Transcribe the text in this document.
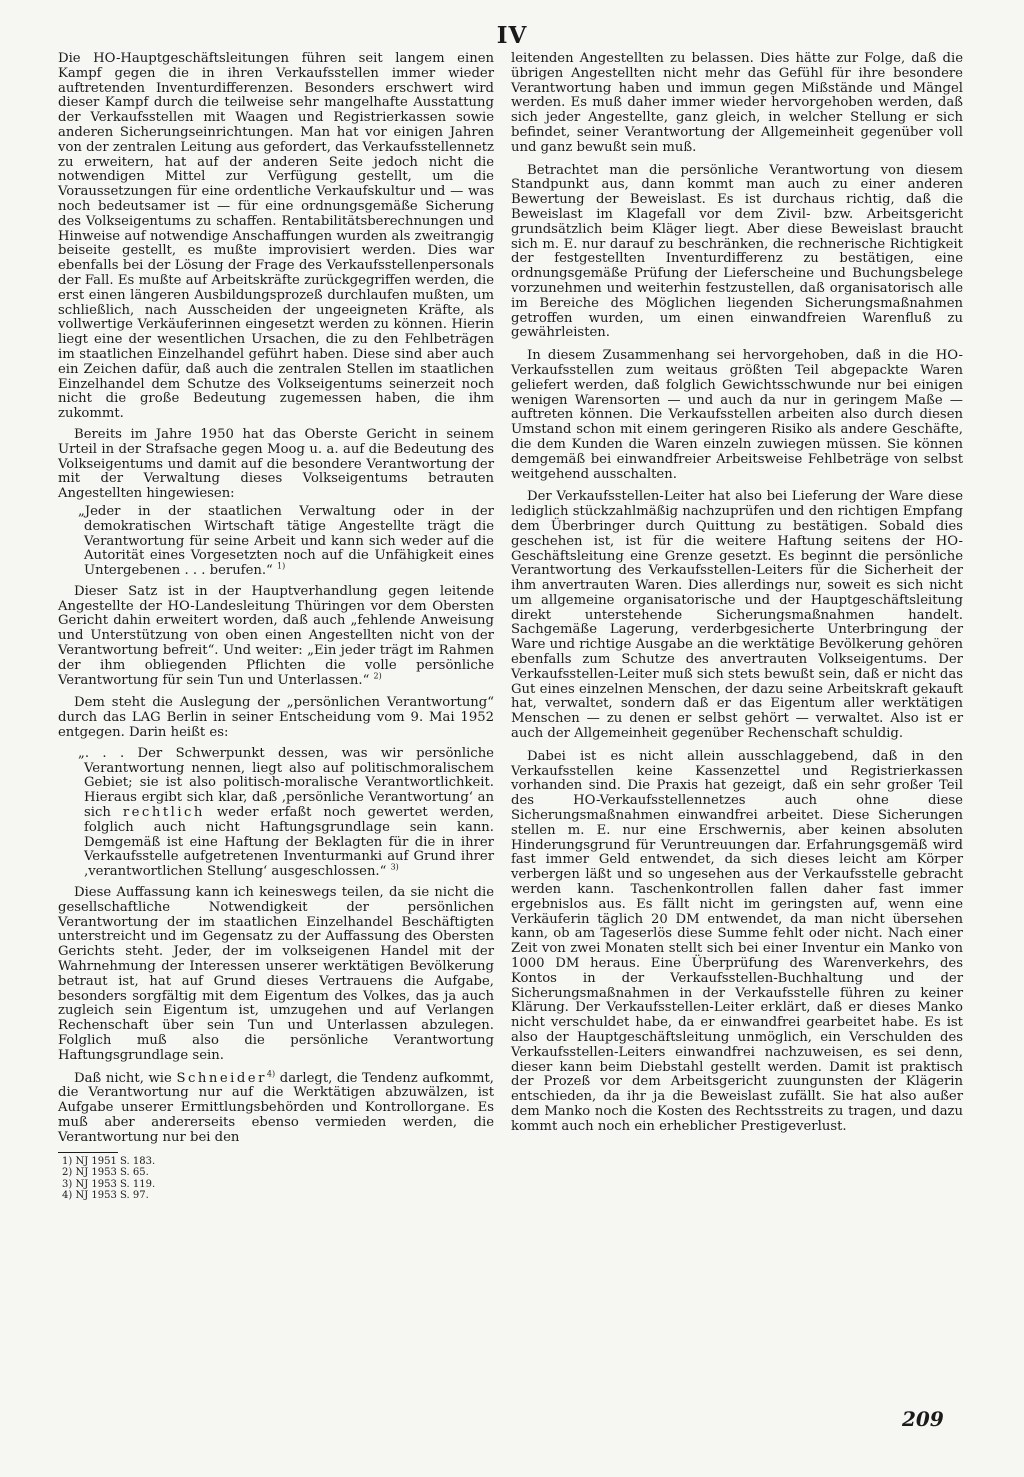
IV

Die HO-Hauptgeschäftsleitungen führen seit langem einen Kampf gegen die in ihren Verkaufsstellen immer wieder auftretenden Inventurdifferenzen. Besonders erschwert wird dieser Kampf durch die teilweise sehr mangelhafte Ausstattung der Verkaufsstellen mit Waagen und Registrierkassen sowie anderen Sicherungseinrichtungen. Man hat vor einigen Jahren von der zentralen Leitung aus gefordert, das Verkaufsstellennetz zu erweitern, hat auf der anderen Seite jedoch nicht die notwendigen Mittel zur Verfügung gestellt, um die Voraussetzungen für eine ordentliche Verkaufskultur und — was noch bedeutsamer ist — für eine ordnungsgemäße Sicherung des Volkseigentums zu schaffen. Rentabilitätsberechnungen und Hinweise auf notwendige Anschaffungen wurden als zweitrangig beiseite gestellt, es mußte improvisiert werden. Dies war ebenfalls bei der Lösung der Frage des Verkaufsstellenpersonals der Fall. Es mußte auf Arbeitskräfte zurückgegriffen werden, die erst einen längeren Ausbildungsprozeß durchlaufen mußten, um schließlich, nach Ausscheiden der ungeeigneten Kräfte, als vollwertige Verkäuferinnen eingesetzt werden zu können. Hierin liegt eine der wesentlichen Ursachen, die zu den Fehlbeträgen im staatlichen Einzelhandel geführt haben. Diese sind aber auch ein Zeichen dafür, daß auch die zentralen Stellen im staatlichen Einzelhandel dem Schutze des Volkseigentums seinerzeit noch nicht die große Bedeutung zugemessen haben, die ihm zukommt.

Bereits im Jahre 1950 hat das Oberste Gericht in seinem Urteil in der Strafsache gegen Moog u. a. auf die Bedeutung des Volkseigentums und damit auf die besondere Verantwortung der mit der Verwaltung dieses Volkseigentums betrauten Angestellten hingewiesen:

„Jeder in der staatlichen Verwaltung oder in der demokratischen Wirtschaft tätige Angestellte trägt die Verantwortung für seine Arbeit und kann sich weder auf die Autorität eines Vorgesetzten noch auf die Unfähigkeit eines Untergebenen . . . berufen.“ $^{1)}$

Dieser Satz ist in der Hauptverhandlung gegen leitende Angestellte der HO-Landesleitung Thüringen vor dem Obersten Gericht dahin erweitert worden, daß auch „fehlende Anweisung und Unterstützung von oben einen Angestellten nicht von der Verantwortung befreit“. Und weiter: „Ein jeder trägt im Rahmen der ihm obliegenden Pflichten die volle persönliche Verantwortung für sein Tun und Unterlassen.“ $^{2)}$

Dem steht die Auslegung der „persönlichen Verantwortung“ durch das LAG Berlin in seiner Entscheidung vom 9. Mai 1952 entgegen. Darin heißt es:

„. . . Der Schwerpunkt dessen, was wir persönliche Verantwortung nennen, liegt also auf politischmoralischem Gebiet; sie ist also politisch-moralische Verantwortlichkeit. Hieraus ergibt sich klar, daß ‚persönliche Verantwortung‘ an sich rechtlich weder erfaßt noch gewertet werden, folglich auch nicht Haftungsgrundlage sein kann. Demgemäß ist eine Haftung der Beklagten für die in ihrer Verkaufsstelle aufgetretenen Inventurmanki auf Grund ihrer ‚verantwortlichen Stellung‘ ausgeschlossen.“ $^{3)}$

Diese Auffassung kann ich keineswegs teilen, da sie nicht die gesellschaftliche Notwendigkeit der persönlichen Verantwortung der im staatlichen Einzelhandel Beschäftigten unterstreicht und im Gegensatz zu der Auffassung des Obersten Gerichts steht. Jeder, der im volkseigenen Handel mit der Wahrnehmung der Interessen unserer werktätigen Bevölkerung betraut ist, hat auf Grund dieses Vertrauens die Aufgabe, besonders sorgfältig mit dem Eigentum des Volkes, das ja auch zugleich sein Eigentum ist, umzugehen und auf Verlangen Rechenschaft über sein Tun und Unterlassen abzulegen. Folglich muß also die persönliche Verantwortung Haftungsgrundlage sein.

Daß nicht, wie Schneider$^{4)}$ darlegt, die Tendenz aufkommt, die Verantwortung nur auf die Werktätigen abzuwälzen, ist Aufgabe unserer Ermittlungsbehörden und Kontrollorgane. Es muß aber andererseits ebenso vermieden werden, die Verantwortung nur bei den

1) NJ 1951 S. 183.
2) NJ 1953 S. 65.
3) NJ 1953 S. 119.
4) NJ 1953 S. 97.

leitenden Angestellten zu belassen. Dies hätte zur Folge, daß die übrigen Angestellten nicht mehr das Gefühl für ihre besondere Verantwortung haben und immun gegen Mißstände und Mängel werden. Es muß daher immer wieder hervorgehoben werden, daß sich jeder Angestellte, ganz gleich, in welcher Stellung er sich befindet, seiner Verantwortung der Allgemeinheit gegenüber voll und ganz bewußt sein muß.

Betrachtet man die persönliche Verantwortung von diesem Standpunkt aus, dann kommt man auch zu einer anderen Bewertung der Beweislast. Es ist durchaus richtig, daß die Beweislast im Klagefall vor dem Zivil- bzw. Arbeitsgericht grundsätzlich beim Kläger liegt. Aber diese Beweislast braucht sich m. E. nur darauf zu beschränken, die rechnerische Richtigkeit der festgestellten Inventurdifferenz zu bestätigen, eine ordnungsgemäße Prüfung der Lieferscheine und Buchungsbelege vorzunehmen und weiterhin festzustellen, daß organisatorisch alle im Bereiche des Möglichen liegenden Sicherungsmaßnahmen getroffen wurden, um einen einwandfreien Warenfluß zu gewährleisten.

In diesem Zusammenhang sei hervorgehoben, daß in die HO-Verkaufsstellen zum weitaus größten Teil abgepackte Waren geliefert werden, daß folglich Gewichtsschwunde nur bei einigen wenigen Warensorten — und auch da nur in geringem Maße — auftreten können. Die Verkaufsstellen arbeiten also durch diesen Umstand schon mit einem geringeren Risiko als andere Geschäfte, die dem Kunden die Waren einzeln zuwiegen müssen. Sie können demgemäß bei einwandfreier Arbeitsweise Fehlbeträge von selbst weitgehend ausschalten.

Der Verkaufsstellen-Leiter hat also bei Lieferung der Ware diese lediglich stückzahlmäßig nachzuprüfen und den richtigen Empfang dem Überbringer durch Quittung zu bestätigen. Sobald dies geschehen ist, ist für die weitere Haftung seitens der HO-Geschäftsleitung eine Grenze gesetzt. Es beginnt die persönliche Verantwortung des Verkaufsstellen-Leiters für die Sicherheit der ihm anvertrauten Waren. Dies allerdings nur, soweit es sich nicht um allgemeine organisatorische und der Hauptgeschäftsleitung direkt unterstehende Sicherungsmaßnahmen handelt. Sachgemäße Lagerung, verderbgesicherte Unterbringung der Ware und richtige Ausgabe an die werktätige Bevölkerung gehören ebenfalls zum Schutze des anvertrauten Volkseigentums. Der Verkaufsstellen-Leiter muß sich stets bewußt sein, daß er nicht das Gut eines einzelnen Menschen, der dazu seine Arbeitskraft gekauft hat, verwaltet, sondern daß er das Eigentum aller werktätigen Menschen — zu denen er selbst gehört — verwaltet. Also ist er auch der Allgemeinheit gegenüber Rechenschaft schuldig.

Dabei ist es nicht allein ausschlaggebend, daß in den Verkaufsstellen keine Kassenzettel und Registrierkassen vorhanden sind. Die Praxis hat gezeigt, daß ein sehr großer Teil des HO-Verkaufsstellennetzes auch ohne diese Sicherungsmaßnahmen einwandfrei arbeitet. Diese Sicherungen stellen m. E. nur eine Erschwernis, aber keinen absoluten Hinderungsgrund für Veruntreuungen dar. Erfahrungsgemäß wird fast immer Geld entwendet, da sich dieses leicht am Körper verbergen läßt und so ungesehen aus der Verkaufsstelle gebracht werden kann. Taschenkontrollen fallen daher fast immer ergebnislos aus. Es fällt nicht im geringsten auf, wenn eine Verkäuferin täglich 20 DM entwendet, da man nicht übersehen kann, ob am Tageserlös diese Summe fehlt oder nicht. Nach einer Zeit von zwei Monaten stellt sich bei einer Inventur ein Manko von 1000 DM heraus. Eine Überprüfung des Warenverkehrs, des Kontos in der Verkaufsstellen-Buchhaltung und der Sicherungsmaßnahmen in der Verkaufsstelle führen zu keiner Klärung. Der Verkaufsstellen-Leiter erklärt, daß er dieses Manko nicht verschuldet habe, da er einwandfrei gearbeitet habe. Es ist also der Hauptgeschäftsleitung unmöglich, ein Verschulden des Verkaufsstellen-Leiters einwandfrei nachzuweisen, es sei denn, dieser kann beim Diebstahl gestellt werden. Damit ist praktisch der Prozeß vor dem Arbeitsgericht zuungunsten der Klägerin entschieden, da ihr ja die Beweislast zufällt. Sie hat also außer dem Manko noch die Kosten des Rechtsstreits zu tragen, und dazu kommt auch noch ein erheblicher Prestigeverlust.

209
